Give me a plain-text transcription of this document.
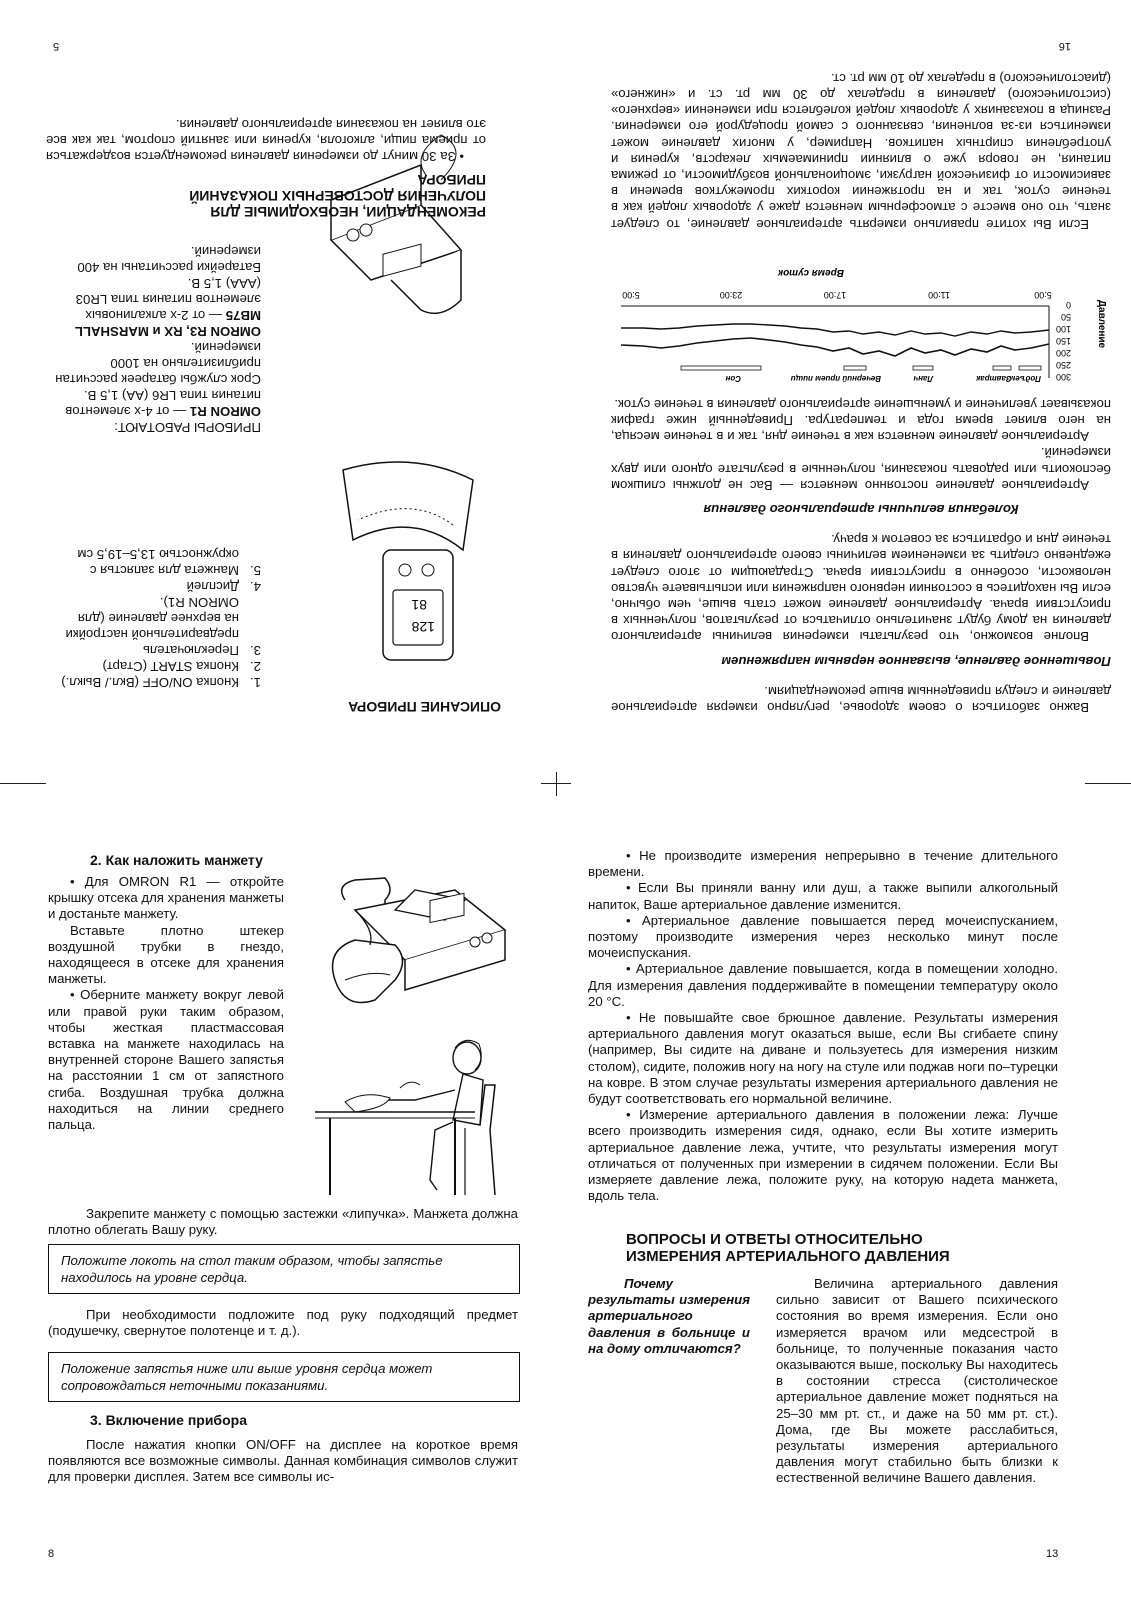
5	16

Важно заботиться о своем здоровье, регулярно измеряя артериальное давление и следуя приведенным выше рекомендациям.

Повышенное давление, вызванное нервным напряжением

Вполне возможно, что результаты измерения величины артериального давления на дому будут значительно отличаться от результатов, полученных в присутствии врача. Артериальное давление может стать выше, чем обычно, если Вы находитесь в состоянии нервного напряжения или испытываете чувство неловкости, особенно в присутствии врача. Страдающим от этого следует ежедневно следить за изменением величины своего артериального давления в течение дня и обратиться за советом к врачу.

Колебания величины артериального давления

Артериальное давление постоянно меняется — Вас не должны слишком беспокоить или радовать показания, полученные в результате одного или двух измерений.

Артериальное давление меняется как в течение дня, так и в течение месяца, на него влияет время года и температура. Приведенный ниже график показывает увеличение и уменьшение артериального давления в течение суток.

Давление
300
250
200
150
100
50
0
Подъем
Завтрак
Ланч
Вечерний прием пищи
Сон
5:00
11:00
17:00
23:00
5:00
Время суток

Если Вы хотите правильно измерять артериальное давление, то следует знать, что оно вместе с атмосферным меняется даже у здоровых людей как в течение суток, так и на протяжении коротких промежутков времени в зависимости от физической нагрузки, эмоциональной возбудимости, от режима питания, не говоря уже о влиянии принимаемых лекарств, курения и употребления спиртных напитков. Например, у многих давление может измениться из-за волнения, связанного с самой процедурой его измерения. Разница в показаниях у здоровых людей колеблется при изменении «верхнего» (систолического) давления в пределах до 30 мм рт. ст. и «нижнего» (диастолического) в пределах до 10 мм рт. ст.

ОПИСАНИЕ ПРИБОРА
128
81
1.
Кнопка ON/OFF (Вкл./ Выкл.)
2.
Кнопка START (Старт)
3.
Переключатель предварительной настройки на верхнее давление (для OMRON R1).
4.
Дисплей
5.
Манжета для запястья с окружностью 13,5–19,5 см
ПРИБОРЫ РАБОТАЮТ:

OMRON R1 — от 4-х элементов питания типа LR6 (AA) 1,5 В.

Срок службы батареек рассчитан приблизительно на 1000 измерений.

OMRON R3, RX и MARSHALL MB75 — от 2-х алкалиновых элементов питания типа LR03 (AAA) 1,5 В.

Батарейки рассчитаны на 400 измерений.

РЕКОМЕНДАЦИИ, НЕОБХОДИМЫЕ ДЛЯ ПОЛУЧЕНИЯ ДОСТОВЕРНЫХ ПОКАЗАНИЙ ПРИБОРА

• За 30 минут до измерения давления рекомендуется воздержаться от приема пищи, алкоголя, курения или занятий спортом, так как все это влияет на показания артериального давления.

2. Как наложить манжету

• Для OMRON R1 — откройте крышку отсека для хранения манжеты и достаньте манжету.

Вставьте плотно штекер воздушной трубки в гнездо, находящееся в отсеке для хранения манжеты.

• Оберните манжету вокруг левой или правой руки таким образом, чтобы жесткая пластмассовая вставка на манжете находилась на внутренней стороне Вашего запястья на расстоянии 1 см от запястного сгиба. Воздушная трубка должна находиться на линии среднего пальца.

Закрепите манжету с помощью застежки «липучка». Манжета должна плотно облегать Вашу руку.

Положите локоть на стол таким образом, чтобы запястье находилось на уровне сердца.

При необходимости подложите под руку подходящий предмет (подушечку, свернутое полотенце и т. д.).

Положение запястья ниже или выше уровня сердца может сопровождаться неточными показаниями.
3. Включение прибора

После нажатия кнопки ON/OFF на дисплее на короткое время появляются все возможные символы. Данная комбинация символов служит для проверки дисплея. Затем все символы ис-

8

• Не производите измерения непрерывно в течение длительного времени.

• Если Вы приняли ванну или душ, а также выпили алкогольный напиток, Ваше артериальное давление изменится.

• Артериальное давление повышается перед мочеиспусканием, поэтому производите измерения через несколько минут после мочеиспускания.

• Артериальное давление повышается, когда в помещении холодно. Для измерения давления поддерживайте в помещении температуру около 20 °С.

• Не повышайте свое брюшное давление. Результаты измерения артериального давления могут оказаться выше, если Вы сгибаете спину (например, Вы сидите на диване и пользуетесь для измерения низким столом), сидите, положив ногу на ногу на стуле или поджав ноги по–турецки на ковре. В этом случае результаты измерения артериального давления не будут соответствовать его нормальной величине.

• Измерение артериального давления в положении лежа: Лучше всего производить измерения сидя, однако, если Вы хотите измерить артериальное давление лежа, учтите, что результаты измерения могут отличаться от полученных при измерении в сидячем положении. Если Вы измеряете давление лежа, положите руку, на которую надета манжета, вдоль тела.

ВОПРОСЫ И ОТВЕТЫ ОТНОСИТЕЛЬНО
ИЗМЕРЕНИЯ АРТЕРИАЛЬНОГО ДАВЛЕНИЯ
Почему результаты измерения артериального давления в больнице и на дому отличаются?
Величина артериального давления сильно зависит от Вашего психического состояния во время измерения. Если оно измеряется врачом или медсестрой в больнице, то полученные показания часто оказываются выше, поскольку Вы находитесь в состоянии стресса (систолическое артериальное давление может подняться на 25–30 мм рт. ст., и даже на 50 мм рт. ст.). Дома, где Вы можете расслабиться, результаты измерения артериального давления могут стабильно быть близки к естественной величине Вашего давления.
13
